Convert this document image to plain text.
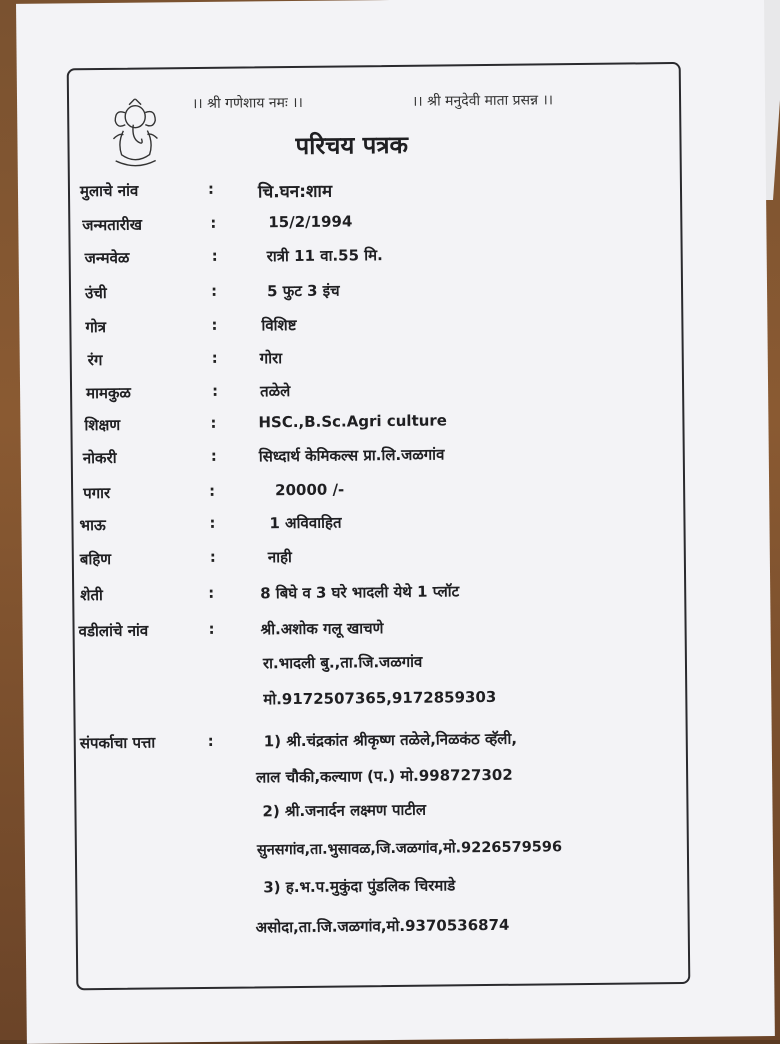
।। श्री गणेशाय नमः ।।	।। श्री मनुदेवी माता प्रसन्न ।।
परिचय पत्रक
मुलाचे नांव	:	चि.घन:शाम
जन्मतारीख	:	15/2/1994
जन्मवेळ	:	रात्री 11 वा.55 मि.
उंची	:	5 फुट 3 इंच
गोत्र	:	विशिष्ट
रंग	:	गोरा
मामकुळ	:	तळेले
शिक्षण	:	HSC.,B.Sc.Agri culture
नोकरी	:	सिध्दार्थ केमिकल्स प्रा.लि.जळगांव
पगार	:	20000 /-
भाऊ	:	1 अविवाहित
बहिण	:	नाही
शेती	:	8 बिघे व 3 घरे भादली येथे 1 प्लॉट
वडीलांचे नांव	:	श्री.अशोक गलू खाचणे
रा.भादली बु.,ता.जि.जळगांव
मो.9172507365,9172859303
संपर्काचा पत्ता	:	1) श्री.चंद्रकांत श्रीकृष्ण तळेले,निळकंठ व्हॅली,
लाल चौकी,कल्याण (प.) मो.998727302
2) श्री.जनार्दन लक्ष्मण पाटील
सुनसगांव,ता.भुसावळ,जि.जळगांव,मो.9226579596
3) ह.भ.प.मुकुंदा पुंडलिक चिरमाडे
असोदा,ता.जि.जळगांव,मो.9370536874
